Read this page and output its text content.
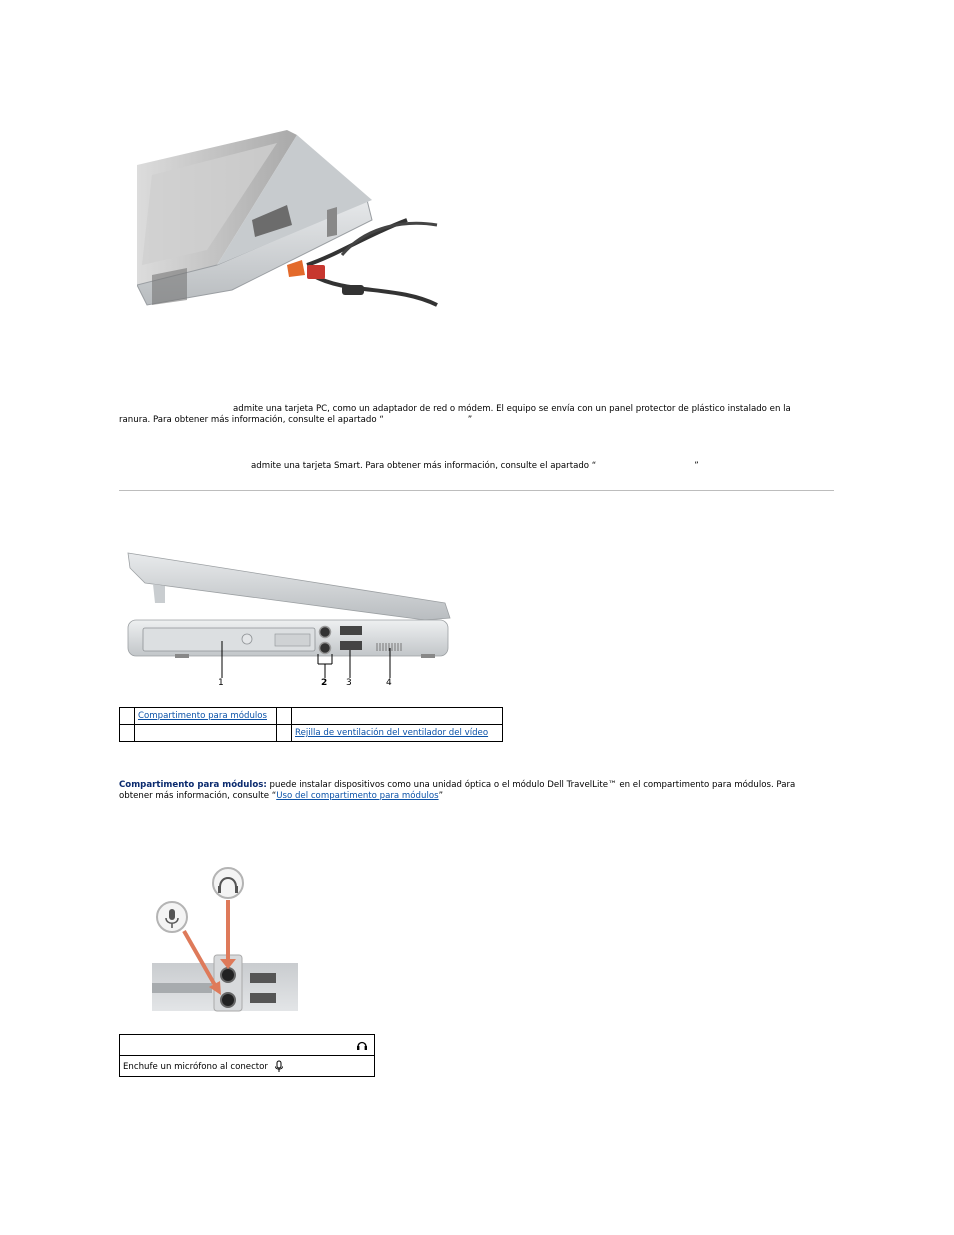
admite una tarjeta PC, como un adaptador de red o módem. El equipo se envía con un panel protector de plástico instalado en la
ranura. Para obtener más información, consulte el apartado “	”
admite una tarjeta Smart. Para obtener más información, consulte el apartado “	”
1	2 3	4
	Compartimento para módulos		
			Rejilla de ventilación del ventilador del vídeo
Compartimento para módulos: puede instalar dispositivos como una unidad óptica o el módulo Dell TravelLite™ en el compartimento para módulos. Para
obtener más información, consulte “Uso del compartimento para módulos”

Enchufe un micrófono al conector
